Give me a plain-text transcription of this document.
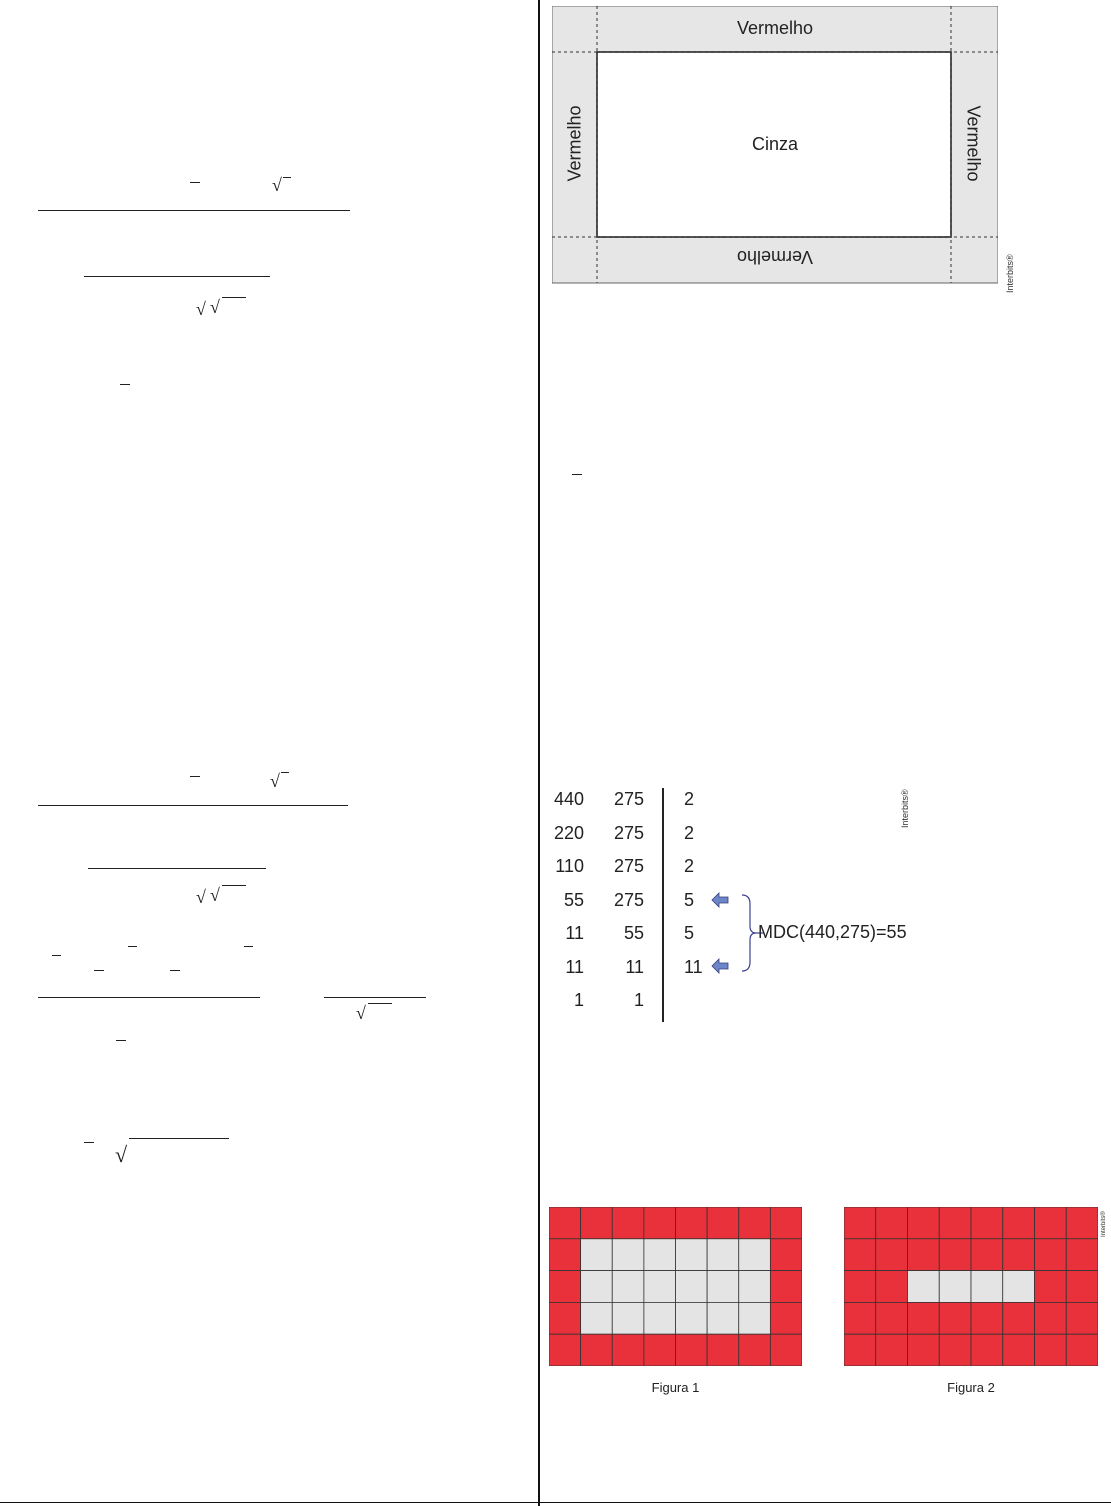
√
√ √
√
√ √
√
√
Vermelho
Cinza
Vermelho
Vermelho	Vermelho
Interbits®
440	275	2
220	275	2
110	275	2
55	275	5
11	55	5
11	11	11
1	1
MDC(440,275)=55
Interbits®
Figura 1	Figura 2
Interbits®
